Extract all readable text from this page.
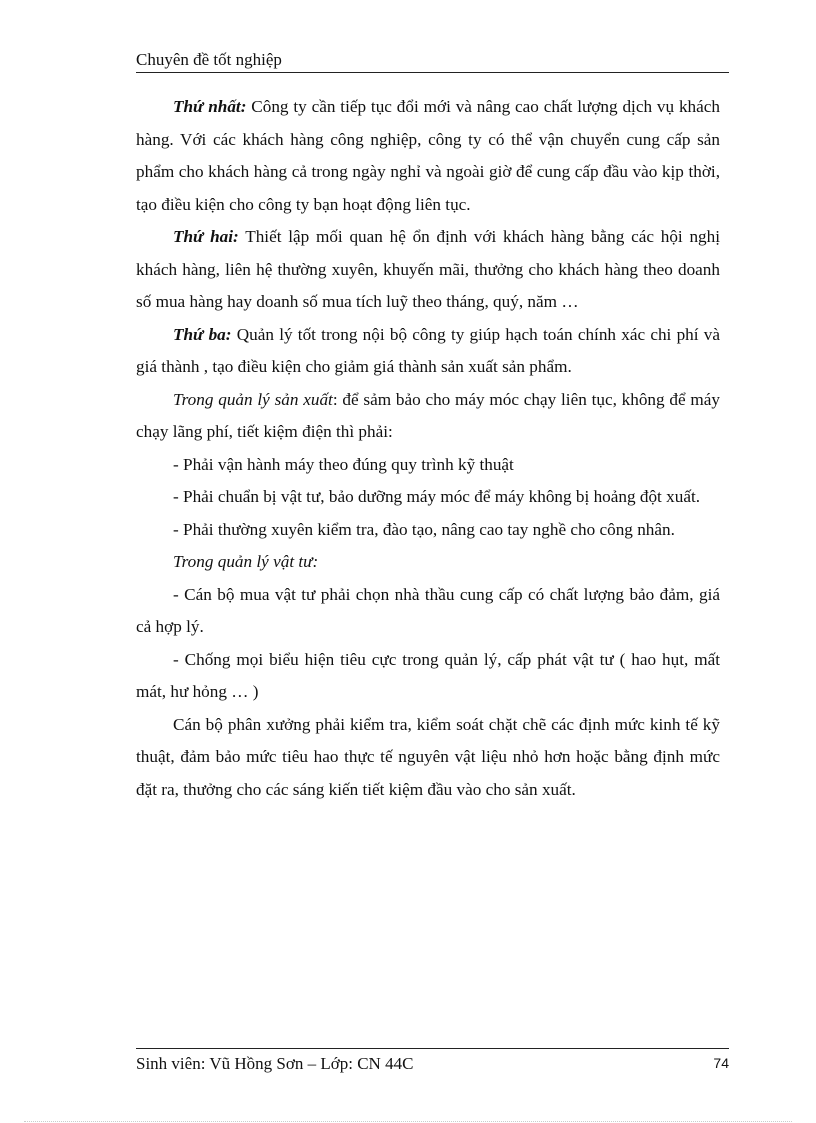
Chuyên đề tốt nghiệp

Thứ nhất: Công ty cần tiếp tục đổi mới và nâng cao chất lượng dịch vụ khách hàng. Với các khách hàng công nghiệp, công ty có thể vận chuyển cung cấp sản phẩm cho khách hàng cả trong ngày nghỉ và ngoài giờ để cung cấp đầu vào kịp thời, tạo điều kiện cho công ty bạn hoạt động liên tục.

Thứ hai: Thiết lập mối quan hệ ổn định với khách hàng bằng các hội nghị khách hàng, liên hệ thường xuyên, khuyến mãi, thưởng cho khách hàng theo doanh số mua hàng hay doanh số mua tích luỹ theo tháng, quý, năm …

Thứ ba: Quản lý tốt trong nội bộ công ty giúp hạch toán chính xác chi phí và giá thành , tạo điều kiện cho giảm giá thành sản xuất sản phẩm.

Trong quản lý sản xuất: để sảm bảo cho máy móc chạy liên tục, không để máy chạy lãng phí, tiết kiệm điện thì phải:

- Phải vận hành máy theo đúng quy trình kỹ thuật

- Phải chuẩn bị vật tư, bảo dưỡng máy móc để máy không bị hoảng đột xuất.

- Phải thường xuyên kiểm tra, đào tạo, nâng cao tay nghề cho công nhân.

Trong quản lý vật tư:

- Cán bộ mua vật tư phải chọn nhà thầu cung cấp có chất lượng bảo đảm, giá cả hợp lý.

- Chống mọi biểu hiện tiêu cực trong quản lý, cấp phát vật tư ( hao hụt, mất mát, hư hỏng … )

Cán bộ phân xưởng phải kiểm tra, kiểm soát chặt chẽ các định mức kinh tế kỹ thuật, đảm bảo mức tiêu hao thực tế nguyên vật liệu nhỏ hơn hoặc bằng định mức đặt ra, thưởng cho các sáng kiến tiết kiệm đầu vào cho sản xuất.

Sinh viên: Vũ Hồng Sơn – Lớp: CN 44C	74
